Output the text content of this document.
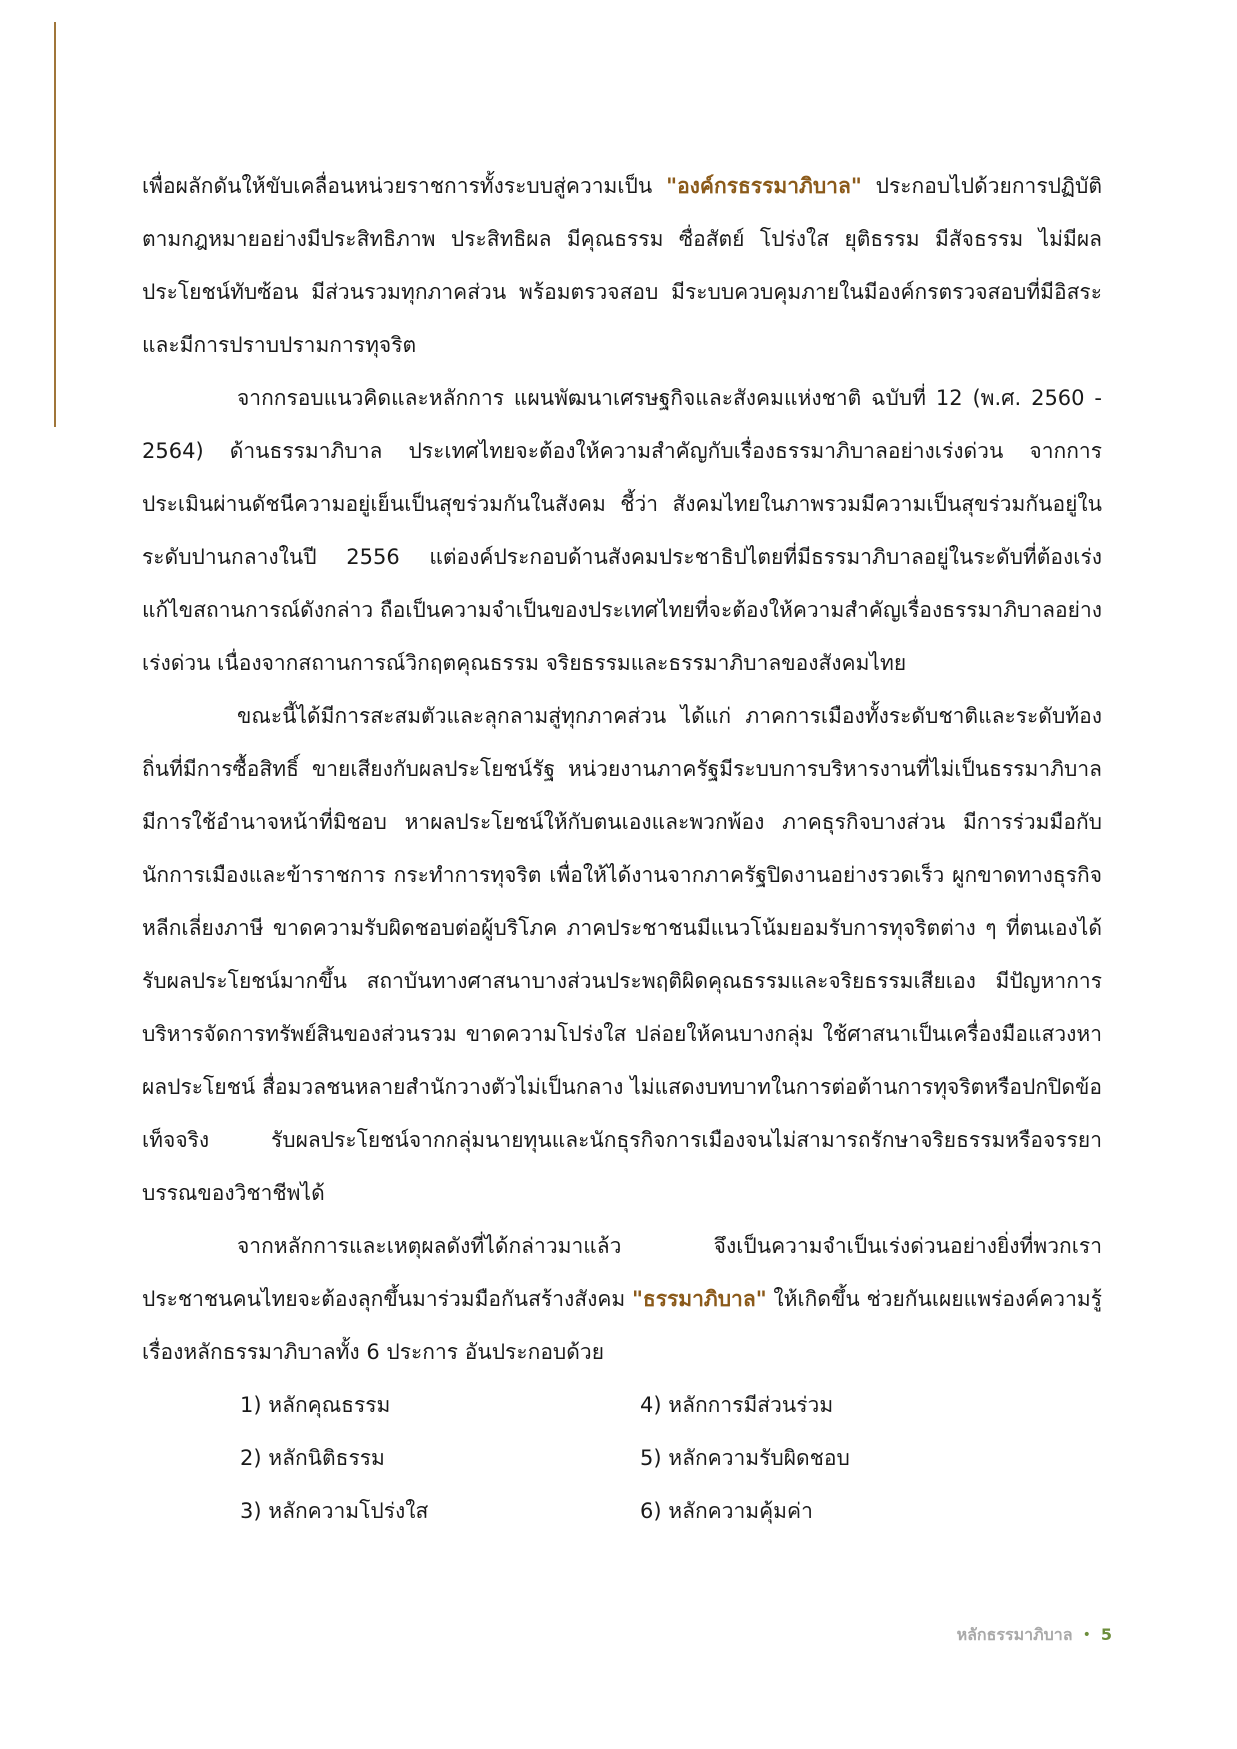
เพื่อผลักดันให้ขับเคลื่อนหน่วยราชการทั้งระบบสู่ความเป็น "องค์กรธรรมาภิบาล" ประกอบไปด้วยการปฏิบัติตามกฎหมายอย่างมีประสิทธิภาพ ประสิทธิผล มีคุณธรรม ซื่อสัตย์ โปร่งใส ยุติธรรม มีสัจธรรม ไม่มีผลประโยชน์ทับซ้อน มีส่วนรวมทุกภาคส่วน พร้อมตรวจสอบ มีระบบควบคุมภายในมีองค์กรตรวจสอบที่มีอิสระและมีการปราบปรามการทุจริต

จากกรอบแนวคิดและหลักการ แผนพัฒนาเศรษฐกิจและสังคมแห่งชาติ ฉบับที่ 12 (พ.ศ. 2560 - 2564) ด้านธรรมาภิบาล ประเทศไทยจะต้องให้ความสำคัญกับเรื่องธรรมาภิบาลอย่างเร่งด่วน จากการประเมินผ่านดัชนีความอยู่เย็นเป็นสุขร่วมกันในสังคม ชี้ว่า สังคมไทยในภาพรวมมีความเป็นสุขร่วมกันอยู่ในระดับปานกลางในปี 2556 แต่องค์ประกอบด้านสังคมประชาธิปไตยที่มีธรรมาภิบาลอยู่ในระดับที่ต้องเร่งแก้ไขสถานการณ์ดังกล่าว ถือเป็นความจำเป็นของประเทศไทยที่จะต้องให้ความสำคัญเรื่องธรรมาภิบาลอย่างเร่งด่วน เนื่องจากสถานการณ์วิกฤตคุณธรรม จริยธรรมและธรรมาภิบาลของสังคมไทย

ขณะนี้ได้มีการสะสมตัวและลุกลามสู่ทุกภาคส่วน ได้แก่ ภาคการเมืองทั้งระดับชาติและระดับท้องถิ่นที่มีการซื้อสิทธิ์ ขายเสียงกับผลประโยชน์รัฐ หน่วยงานภาครัฐมีระบบการบริหารงานที่ไม่เป็นธรรมาภิบาล มีการใช้อำนาจหน้าที่มิชอบ หาผลประโยชน์ให้กับตนเองและพวกพ้อง ภาคธุรกิจบางส่วน มีการร่วมมือกับนักการเมืองและข้าราชการ กระทำการทุจริต เพื่อให้ได้งานจากภาครัฐปิดงานอย่างรวดเร็ว ผูกขาดทางธุรกิจ หลีกเลี่ยงภาษี ขาดความรับผิดชอบต่อผู้บริโภค ภาคประชาชนมีแนวโน้มยอมรับการทุจริตต่าง ๆ ที่ตนเองได้รับผลประโยชน์มากขึ้น สถาบันทางศาสนาบางส่วนประพฤติผิดคุณธรรมและจริยธรรมเสียเอง มีปัญหาการบริหารจัดการทรัพย์สินของส่วนรวม ขาดความโปร่งใส ปล่อยให้คนบางกลุ่ม ใช้ศาสนาเป็นเครื่องมือแสวงหาผลประโยชน์ สื่อมวลชนหลายสำนักวางตัวไม่เป็นกลาง ไม่แสดงบทบาทในการต่อต้านการทุจริตหรือปกปิดข้อเท็จจริง รับผลประโยชน์จากกลุ่มนายทุนและนักธุรกิจการเมืองจนไม่สามารถรักษาจริยธรรมหรือจรรยาบรรณของวิชาชีพได้

จากหลักการและเหตุผลดังที่ได้กล่าวมาแล้ว จึงเป็นความจำเป็นเร่งด่วนอย่างยิ่งที่พวกเราประชาชนคนไทยจะต้องลุกขึ้นมาร่วมมือกันสร้างสังคม "ธรรมาภิบาล" ให้เกิดขึ้น ช่วยกันเผยแพร่องค์ความรู้เรื่องหลักธรรมาภิบาลทั้ง 6 ประการ อันประกอบด้วย

1) หลักคุณธรรม	4) หลักการมีส่วนร่วม
2) หลักนิติธรรม	5) หลักความรับผิดชอบ
3) หลักความโปร่งใส	6) หลักความคุ้มค่า
หลักธรรมาภิบาล • 5
